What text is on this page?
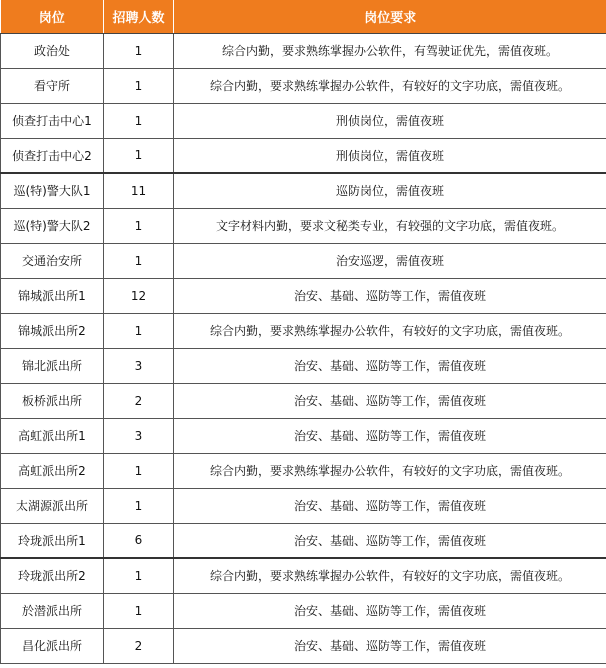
岗位	招聘人数	岗位要求
政治处	1	综合内勤，要求熟练掌握办公软件，有驾驶证优先，需值夜班。
看守所	1	综合内勤，要求熟练掌握办公软件，有较好的文字功底，需值夜班。
侦查打击中心1	1	刑侦岗位，需值夜班
侦查打击中心2	1	刑侦岗位，需值夜班
巡(特)警大队1	11	巡防岗位，需值夜班
巡(特)警大队2	1	文字材料内勤，要求文秘类专业，有较强的文字功底，需值夜班。
交通治安所	1	治安巡逻，需值夜班
锦城派出所1	12	治安、基础、巡防等工作，需值夜班
锦城派出所2	1	综合内勤，要求熟练掌握办公软件，有较好的文字功底，需值夜班。
锦北派出所	3	治安、基础、巡防等工作，需值夜班
板桥派出所	2	治安、基础、巡防等工作，需值夜班
高虹派出所1	3	治安、基础、巡防等工作，需值夜班
高虹派出所2	1	综合内勤，要求熟练掌握办公软件，有较好的文字功底，需值夜班。
太湖源派出所	1	治安、基础、巡防等工作，需值夜班
玲珑派出所1	6	治安、基础、巡防等工作，需值夜班
玲珑派出所2	1	综合内勤，要求熟练掌握办公软件，有较好的文字功底，需值夜班。
於潜派出所	1	治安、基础、巡防等工作，需值夜班
昌化派出所	2	治安、基础、巡防等工作，需值夜班
